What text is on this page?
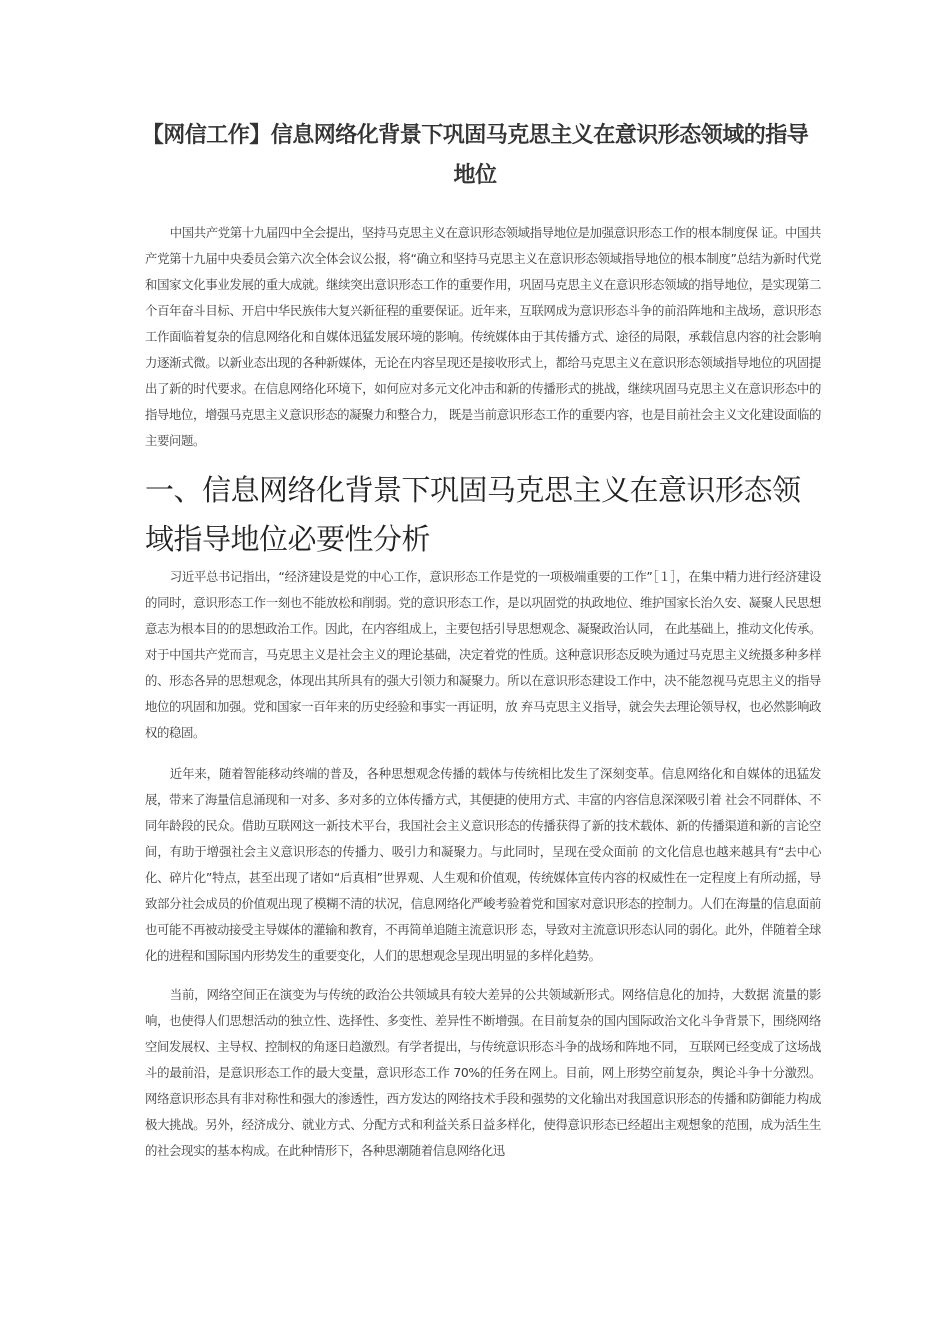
【网信工作】信息网络化背景下巩固马克思主义在意识形态领域的指导地位

中国共产党第十九届四中全会提出，坚持马克思主义在意识形态领域指导地位是加强意识形态工作的根本制度保 证。中国共产党第十九届中央委员会第六次全体会议公报，将“确立和坚持马克思主义在意识形态领域指导地位的根本制度”总结为新时代党和国家文化事业发展的重大成就。继续突出意识形态工作的重要作用，巩固马克思主义在意识形态领域的指导地位，是实现第二个百年奋斗目标、开启中华民族伟大复兴新征程的重要保证。近年来，互联网成为意识形态斗争的前沿阵地和主战场，意识形态工作面临着复杂的信息网络化和自媒体迅猛发展环境的影响。传统媒体由于其传播方式、途径的局限，承载信息内容的社会影响力逐渐式微。以新业态出现的各种新媒体，无论在内容呈现还是接收形式上，都给马克思主义在意识形态领域指导地位的巩固提出了新的时代要求。在信息网络化环境下，如何应对多元文化冲击和新的传播形式的挑战，继续巩固马克思主义在意识形态中的指导地位，增强马克思主义意识形态的凝聚力和整合力， 既是当前意识形态工作的重要内容，也是目前社会主义文化建设面临的主要问题。

一、信息网络化背景下巩固马克思主义在意识形态领域指导地位必要性分析

习近平总书记指出，“经济建设是党的中心工作，意识形态工作是党的一项极端重要的工作”［１］，在集中精力进行经济建设的同时，意识形态工作一刻也不能放松和削弱。党的意识形态工作，是以巩固党的执政地位、维护国家长治久安、凝聚人民思想意志为根本目的的思想政治工作。因此，在内容组成上，主要包括引导思想观念、凝聚政治认同， 在此基础上，推动文化传承。对于中国共产党而言，马克思主义是社会主义的理论基础，决定着党的性质。这种意识形态反映为通过马克思主义统摄多种多样的、形态各异的思想观念，体现出其所具有的强大引领力和凝聚力。所以在意识形态建设工作中，决不能忽视马克思主义的指导地位的巩固和加强。党和国家一百年来的历史经验和事实一再证明，放 弃马克思主义指导，就会失去理论领导权，也必然影响政权的稳固。

近年来，随着智能移动终端的普及，各种思想观念传播的载体与传统相比发生了深刻变革。信息网络化和自媒体的迅猛发展，带来了海量信息涌现和一对多、多对多的立体传播方式，其便捷的使用方式、丰富的内容信息深深吸引着 社会不同群体、不同年龄段的民众。借助互联网这一新技术平台，我国社会主义意识形态的传播获得了新的技术载体、新的传播渠道和新的言论空间，有助于增强社会主义意识形态的传播力、吸引力和凝聚力。与此同时，呈现在受众面前 的文化信息也越来越具有“去中心化、碎片化”特点，甚至出现了诸如“后真相”世界观、人生观和价值观，传统媒体宣传内容的权威性在一定程度上有所动摇，导致部分社会成员的价值观出现了模糊不清的状况，信息网络化严峻考验着党和国家对意识形态的控制力。人们在海量的信息面前也可能不再被动接受主导媒体的灌输和教育，不再简单追随主流意识形 态，导致对主流意识形态认同的弱化。此外，伴随着全球化的进程和国际国内形势发生的重要变化，人们的思想观念呈现出明显的多样化趋势。

当前，网络空间正在演变为与传统的政治公共领域具有较大差异的公共领域新形式。网络信息化的加持，大数据 流量的影响，也使得人们思想活动的独立性、选择性、多变性、差异性不断增强。在目前复杂的国内国际政治文化斗争背景下，围绕网络空间发展权、主导权、控制权的角逐日趋激烈。有学者提出，与传统意识形态斗争的战场和阵地不同， 互联网已经变成了这场战斗的最前沿，是意识形态工作的最大变量，意识形态工作 70%的任务在网上。目前，网上形势空前复杂，舆论斗争十分激烈。网络意识形态具有非对称性和强大的渗透性，西方发达的网络技术手段和强势的文化输出对我国意识形态的传播和防御能力构成极大挑战。另外，经济成分、就业方式、分配方式和利益关系日益多样化，使得意识形态已经超出主观想象的范围，成为活生生的社会现实的基本构成。在此种情形下，各种思潮随着信息网络化迅
